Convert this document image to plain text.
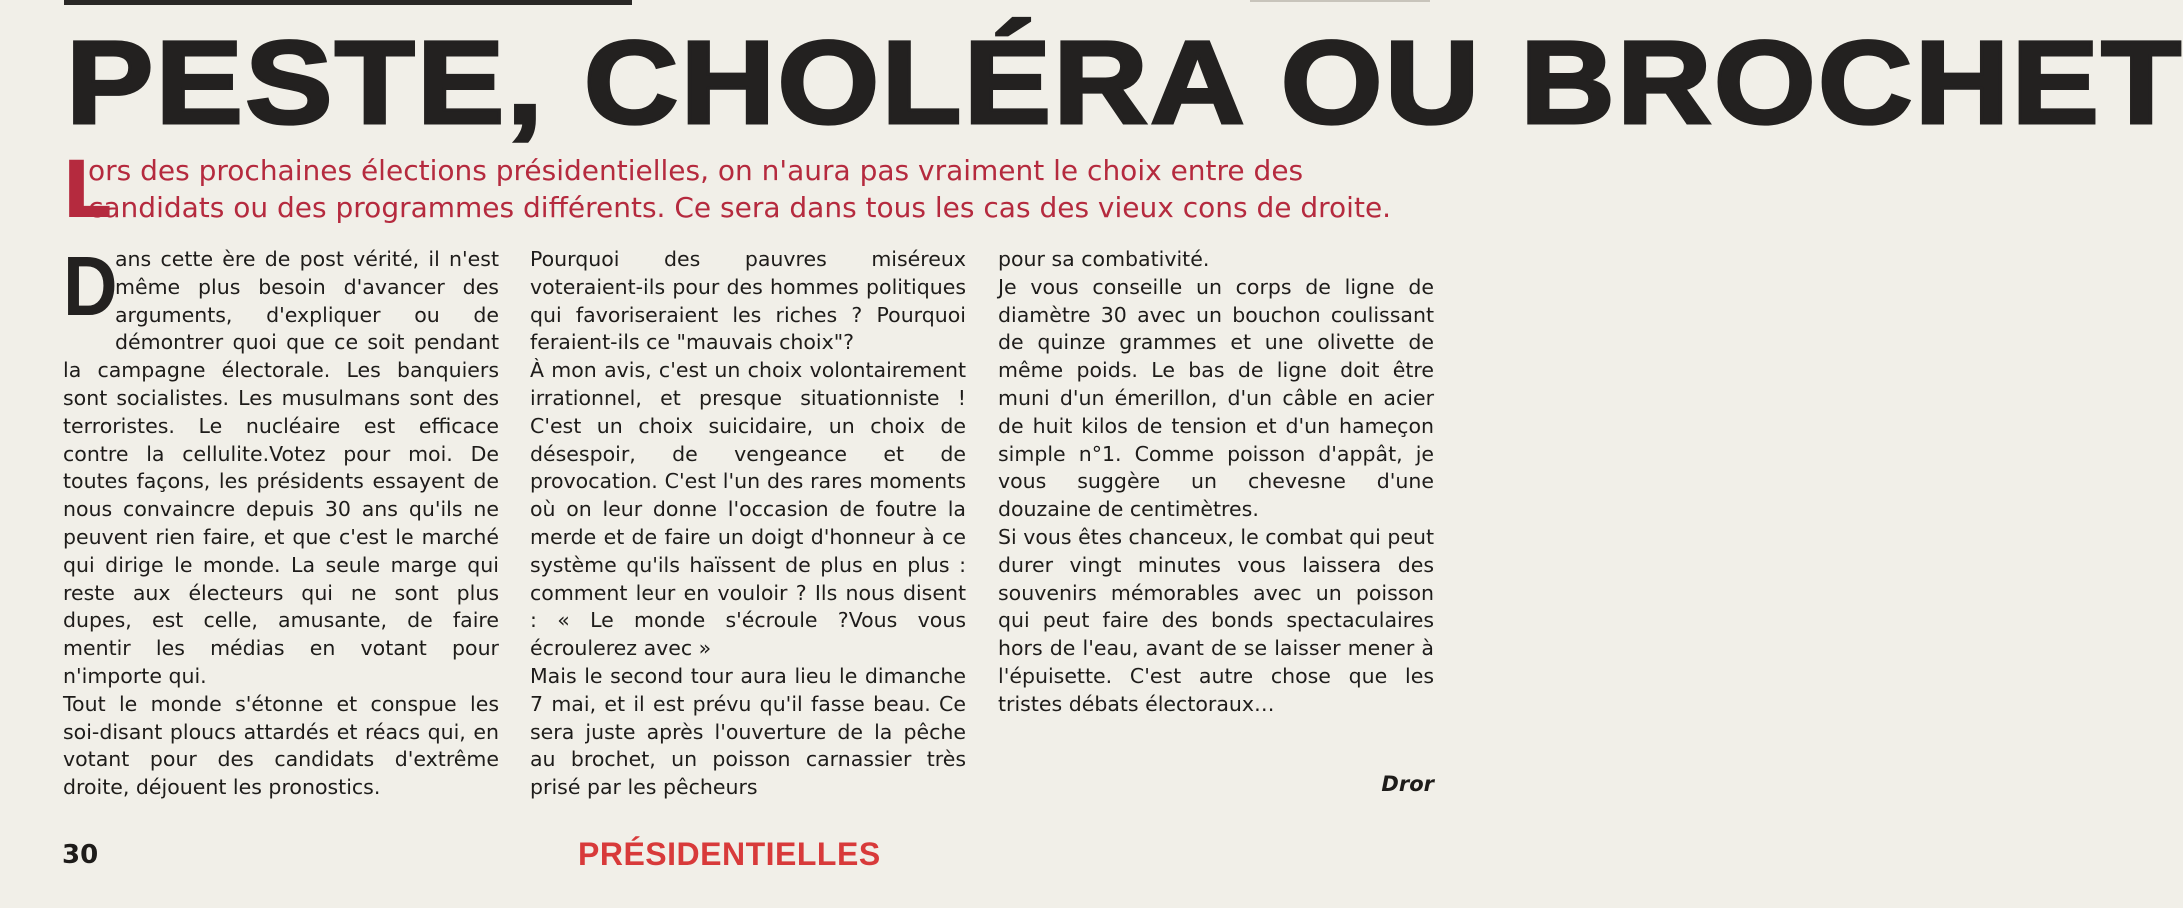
PESTE, CHOLÉRA OU BROCHET
L
ors des prochaines élections présidentielles, on n'aura pas vraiment le choix entre des
candidats ou des programmes différents. Ce sera dans tous les cas des vieux cons de droite.
D

ans cette ère de post vérité, il n'est même plus besoin d'avancer des arguments, d'expliquer ou de démontrer quoi que ce soit pendant la campagne électorale. Les banquiers sont socialistes. Les musulmans sont des terroristes. Le nucléaire est efficace contre la cellulite.Votez pour moi. De toutes façons, les présidents essayent de nous convaincre depuis 30 ans qu'ils ne peuvent rien faire, et que c'est le marché qui dirige le monde. La seule marge qui reste aux électeurs qui ne sont plus dupes, est celle, amusante, de faire mentir les médias en votant pour n'importe qui.

Tout le monde s'étonne et conspue les soi-disant ploucs attardés et réacs qui, en votant pour des candidats d'extrême droite, déjouent les pronostics.

Pourquoi des pauvres miséreux voteraient-ils pour des hommes politiques qui favoriseraient les riches ? Pourquoi feraient-ils ce "mauvais choix"?

À mon avis, c'est un choix volontairement irrationnel, et presque situationniste ! C'est un choix suicidaire, un choix de désespoir, de vengeance et de provocation. C'est l'un des rares moments où on leur donne l'occasion de foutre la merde et de faire un doigt d'honneur à ce système qu'ils haïssent de plus en plus : comment leur en vouloir ? Ils nous disent : « Le monde s'écroule ?Vous vous écroulerez avec »

Mais le second tour aura lieu le dimanche 7 mai, et il est prévu qu'il fasse beau. Ce sera juste après l'ouverture de la pêche au brochet, un poisson carnassier très prisé par les pêcheurs

pour sa combativité.

Je vous conseille un corps de ligne de diamètre 30 avec un bouchon coulissant de quinze grammes et une olivette de même poids. Le bas de ligne doit être muni d'un émerillon, d'un câble en acier de huit kilos de tension et d'un hameçon simple n°1. Comme poisson d'appât, je vous suggère un chevesne d'une douzaine de centimètres.

Si vous êtes chanceux, le combat qui peut durer vingt minutes vous laissera des souvenirs mémorables avec un poisson qui peut faire des bonds spectaculaires hors de l'eau, avant de se laisser mener à l'épuisette. C'est autre chose que les tristes débats électoraux…

Dror
30	PRÉSIDENTIELLES
